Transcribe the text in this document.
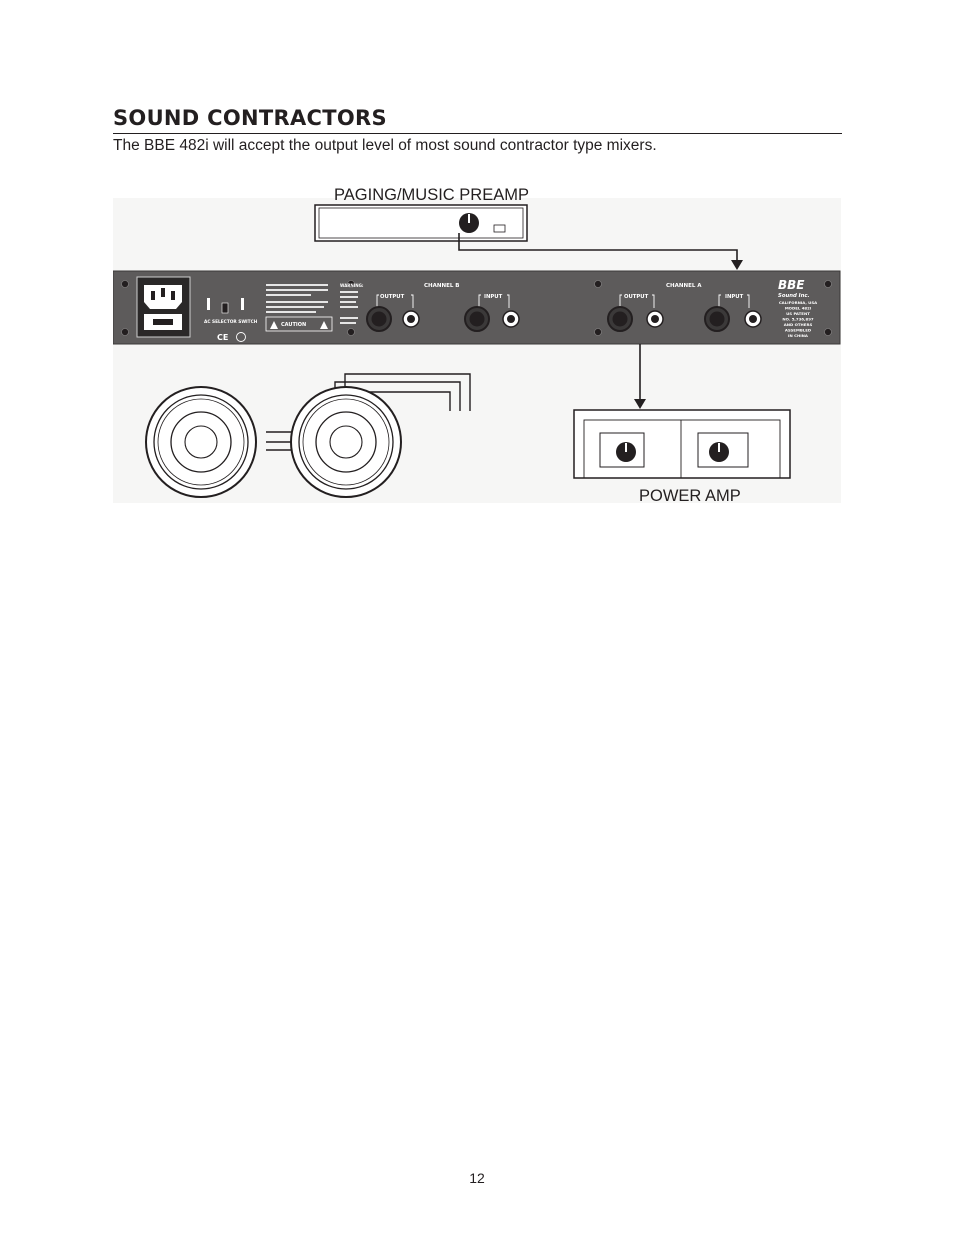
SOUND CONTRACTORS

The BBE 482i will accept the output level of most sound contractor type mixers.

PAGING/MUSIC PREAMP
AC SELECTOR SWITCH
CE
CAUTION
WARNING:	CHANNEL B
OUTPUT	INPUT
CHANNEL A
OUTPUT	INPUT
BBE
Sound Inc.
CALIFORNIA, USA
MODEL 482i
US PATENT
NO. 5,736,897
AND OTHERS
ASSEMBLED
IN CHINA
POWER AMP
12
